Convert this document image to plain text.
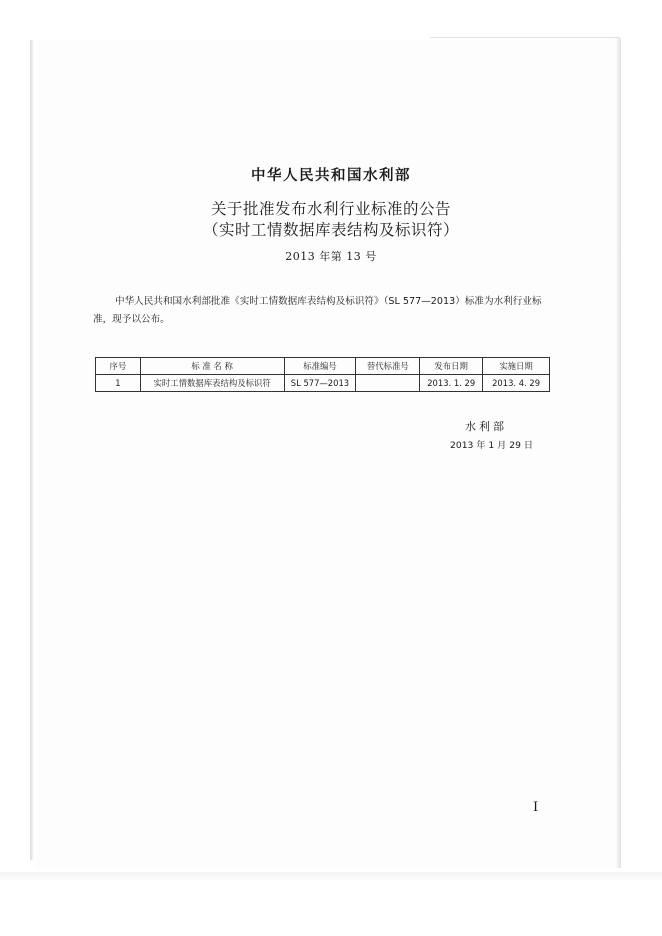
中华人民共和国水利部
关于批准发布水利行业标准的公告
（实时工情数据库表结构及标识符）
2013 年第 13 号
中华人民共和国水利部批准《实时工情数据库表结构及标识符》（SL 577—2013）标准为水利行业标准，现予以公布。
序号	标 准 名 称	标准编号	替代标准号	发布日期	实施日期
1	实时工情数据库表结构及标识符	SL 577—2013		2013. 1. 29	2013. 4. 29
水利部
2013 年 1 月 29 日
I
